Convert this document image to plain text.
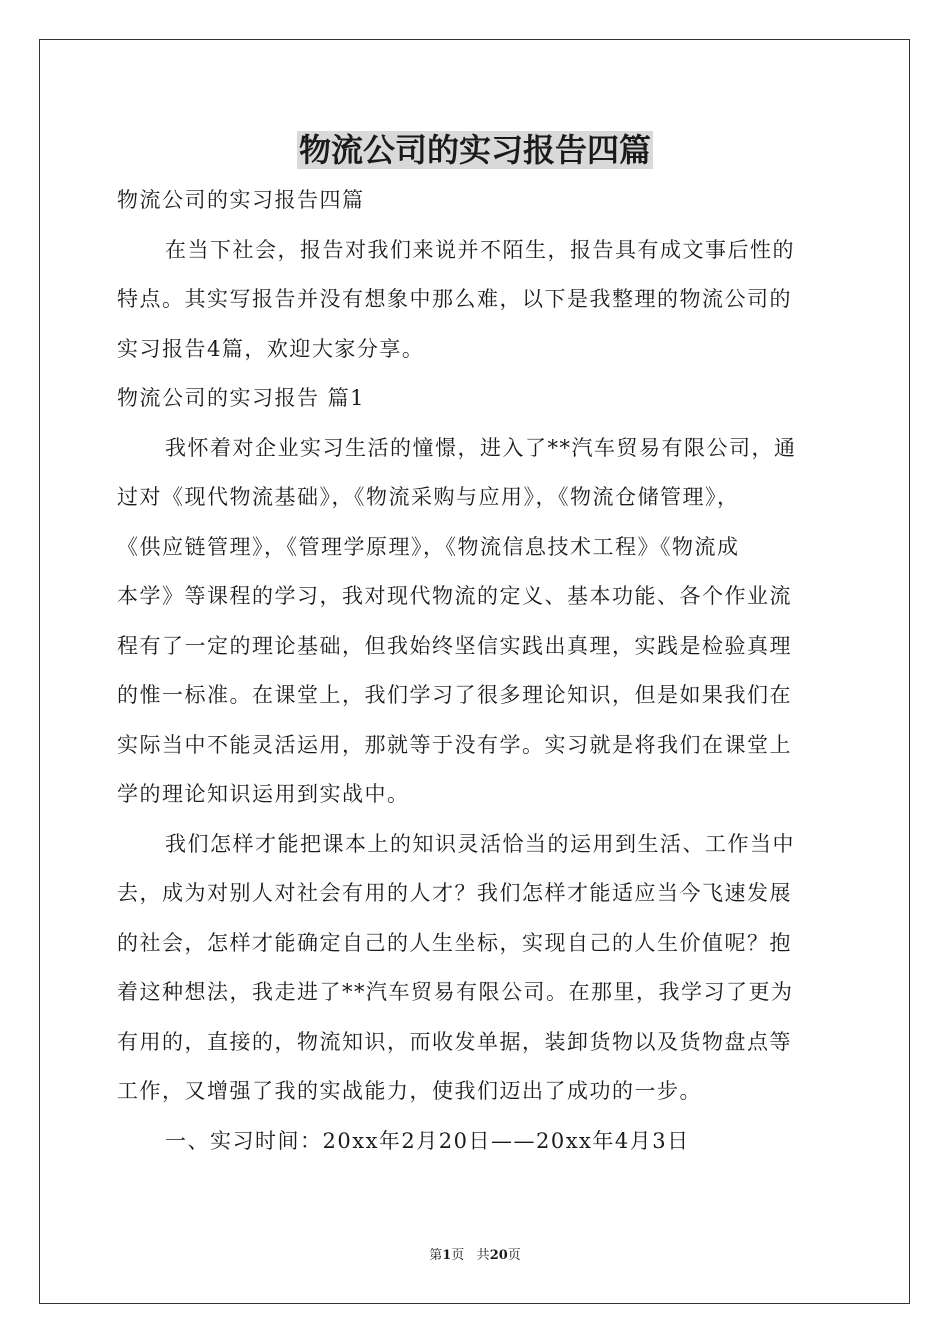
物流公司的实习报告四篇

物流公司的实习报告四篇

在当下社会，报告对我们来说并不陌生，报告具有成文事后性的

特点。其实写报告并没有想象中那么难，以下是我整理的物流公司的

实习报告4篇，欢迎大家分享。

物流公司的实习报告 篇1

我怀着对企业实习生活的憧憬，进入了**汽车贸易有限公司，通

过对《现代物流基础》，《物流采购与应用》，《物流仓储管理》，

《供应链管理》，《管理学原理》，《物流信息技术工程》《物流成

本学》等课程的学习，我对现代物流的定义、基本功能、各个作业流

程有了一定的理论基础，但我始终坚信实践出真理，实践是检验真理

的惟一标准。在课堂上，我们学习了很多理论知识，但是如果我们在

实际当中不能灵活运用，那就等于没有学。实习就是将我们在课堂上

学的理论知识运用到实战中。

我们怎样才能把课本上的知识灵活恰当的运用到生活、工作当中

去，成为对别人对社会有用的人才？我们怎样才能适应当今飞速发展

的社会，怎样才能确定自己的人生坐标，实现自己的人生价值呢？抱

着这种想法，我走进了**汽车贸易有限公司。在那里，我学习了更为

有用的，直接的，物流知识，而收发单据，装卸货物以及货物盘点等

工作，又增强了我的实战能力，使我们迈出了成功的一步。

一、实习时间：20xx年2月20日——20xx年4月3日

第1页 共20页
